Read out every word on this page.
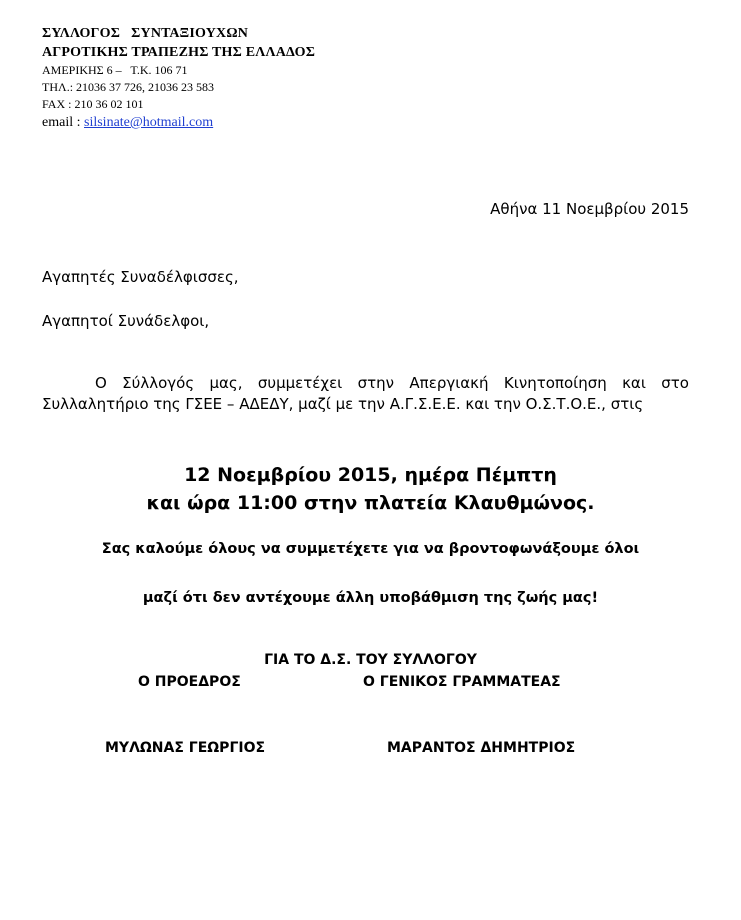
ΣΥΛΛΟΓΟΣ   ΣΥΝΤΑΞΙΟΥΧΩΝ
ΑΓΡΟΤΙΚΗΣ ΤΡΑΠΕΖΗΣ ΤΗΣ ΕΛΛΑΔΟΣ
ΑΜΕΡΙΚΗΣ 6 –   Τ.Κ. 106 71
ΤΗΛ.: 21036 37 726, 21036 23 583
FAX : 210 36 02 101
email : silsinate@hotmail.com
Αθήνα 11 Νοεμβρίου 2015
Αγαπητές Συναδέλφισσες,
Αγαπητοί Συνάδελφοι,
Ο Σύλλογός μας, συμμετέχει στην Απεργιακή Κινητοποίηση και στο Συλλαλητήριο της ΓΣΕΕ – ΑΔΕΔΥ, μαζί με την Α.Γ.Σ.Ε.Ε. και την Ο.Σ.Τ.Ο.Ε., στις
12 Νοεμβρίου 2015, ημέρα Πέμπτη
και ώρα 11:00 στην πλατεία Κλαυθμώνος.
Σας καλούμε όλους να συμμετέχετε για να βροντοφωνάξουμε όλοι
μαζί ότι δεν αντέχουμε άλλη υποβάθμιση της ζωής μας!
ΓΙΑ ΤΟ Δ.Σ. ΤΟΥ ΣΥΛΛΟΓΟΥ
Ο ΠΡΟΕΔΡΟΣ	Ο ΓΕΝΙΚΟΣ ΓΡΑΜΜΑΤΕΑΣ
ΜΥΛΩΝΑΣ ΓΕΩΡΓΙΟΣ	ΜΑΡΑΝΤΟΣ ΔΗΜΗΤΡΙΟΣ
